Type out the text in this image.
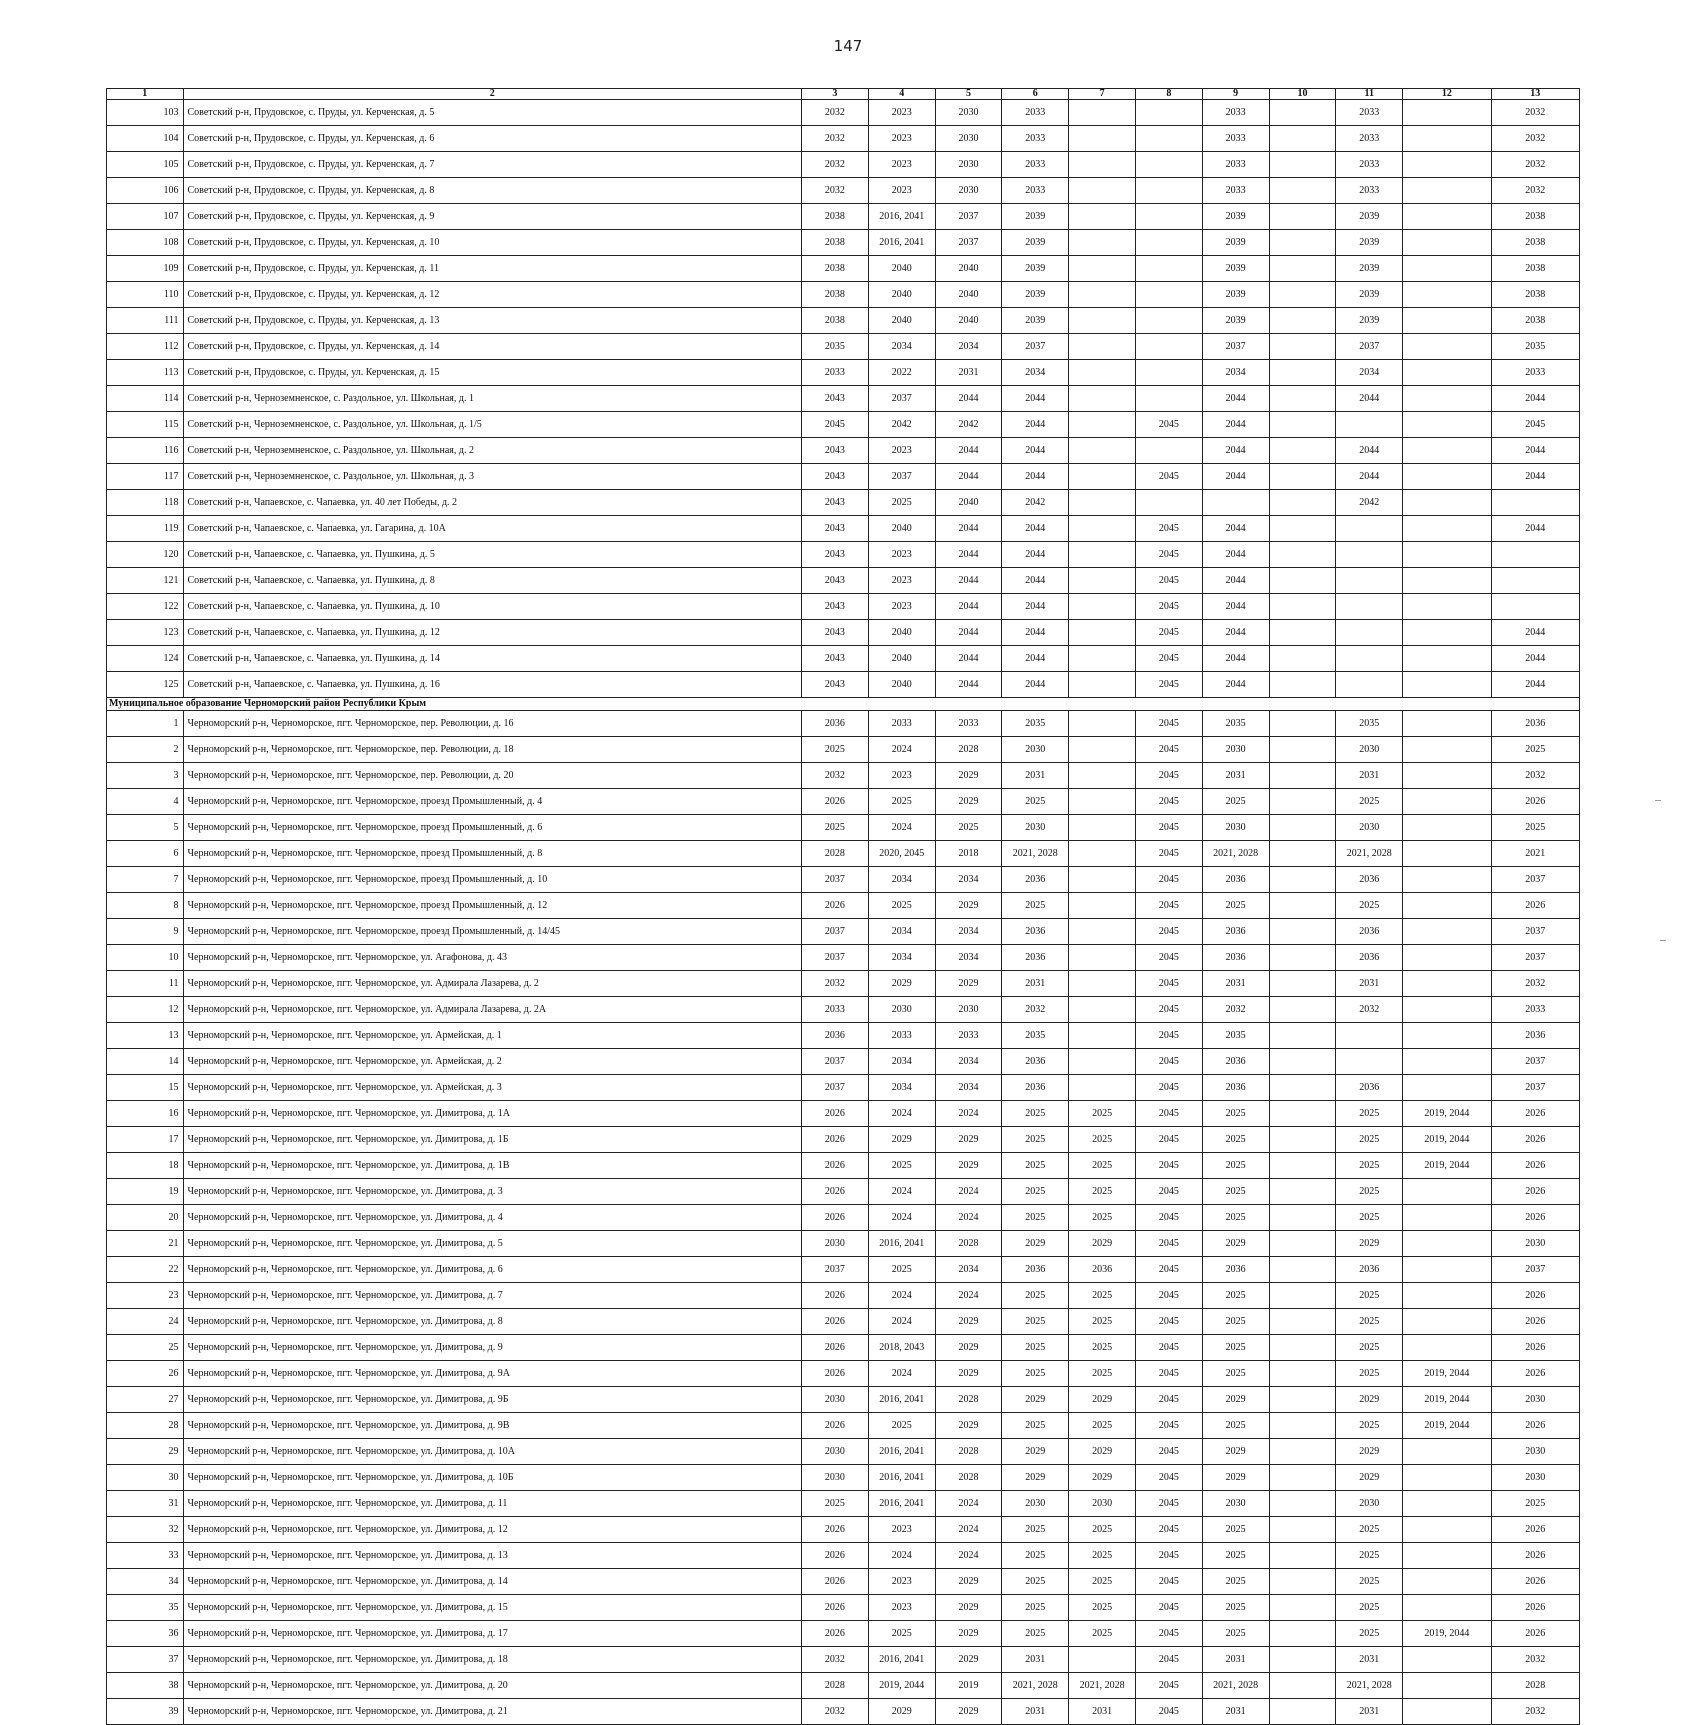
147
1	2	3	4	5	6	7	8	9	10	11	12	13
103	Советский р-н, Прудовское, с. Пруды, ул. Керченская, д. 5	2032	2023	2030	2033			2033		2033		2032
104	Советский р-н, Прудовское, с. Пруды, ул. Керченская, д. 6	2032	2023	2030	2033			2033		2033		2032
105	Советский р-н, Прудовское, с. Пруды, ул. Керченская, д. 7	2032	2023	2030	2033			2033		2033		2032
106	Советский р-н, Прудовское, с. Пруды, ул. Керченская, д. 8	2032	2023	2030	2033			2033		2033		2032
107	Советский р-н, Прудовское, с. Пруды, ул. Керченская, д. 9	2038	2016, 2041	2037	2039			2039		2039		2038
108	Советский р-н, Прудовское, с. Пруды, ул. Керченская, д. 10	2038	2016, 2041	2037	2039			2039		2039		2038
109	Советский р-н, Прудовское, с. Пруды, ул. Керченская, д. 11	2038	2040	2040	2039			2039		2039		2038
110	Советский р-н, Прудовское, с. Пруды, ул. Керченская, д. 12	2038	2040	2040	2039			2039		2039		2038
111	Советский р-н, Прудовское, с. Пруды, ул. Керченская, д. 13	2038	2040	2040	2039			2039		2039		2038
112	Советский р-н, Прудовское, с. Пруды, ул. Керченская, д. 14	2035	2034	2034	2037			2037		2037		2035
113	Советский р-н, Прудовское, с. Пруды, ул. Керченская, д. 15	2033	2022	2031	2034			2034		2034		2033
114	Советский р-н, Черноземненское, с. Раздольное, ул. Школьная, д. 1	2043	2037	2044	2044			2044		2044		2044
115	Советский р-н, Черноземненское, с. Раздольное, ул. Школьная, д. 1/5	2045	2042	2042	2044		2045	2044				2045
116	Советский р-н, Черноземненское, с. Раздольное, ул. Школьная, д. 2	2043	2023	2044	2044			2044		2044		2044
117	Советский р-н, Черноземненское, с. Раздольное, ул. Школьная, д. 3	2043	2037	2044	2044		2045	2044		2044		2044
118	Советский р-н, Чапаевское, с. Чапаевка, ул. 40 лет Победы, д. 2	2043	2025	2040	2042					2042		
119	Советский р-н, Чапаевское, с. Чапаевка, ул. Гагарина, д. 10А	2043	2040	2044	2044		2045	2044				2044
120	Советский р-н, Чапаевское, с. Чапаевка, ул. Пушкина, д. 5	2043	2023	2044	2044		2045	2044				
121	Советский р-н, Чапаевское, с. Чапаевка, ул. Пушкина, д. 8	2043	2023	2044	2044		2045	2044				
122	Советский р-н, Чапаевское, с. Чапаевка, ул. Пушкина, д. 10	2043	2023	2044	2044		2045	2044				
123	Советский р-н, Чапаевское, с. Чапаевка, ул. Пушкина, д. 12	2043	2040	2044	2044		2045	2044				2044
124	Советский р-н, Чапаевское, с. Чапаевка, ул. Пушкина, д. 14	2043	2040	2044	2044		2045	2044				2044
125	Советский р-н, Чапаевское, с. Чапаевка, ул. Пушкина, д. 16	2043	2040	2044	2044		2045	2044				2044
Муниципальное образование Черноморский район Республики Крым												
1	Черноморский р-н, Черноморское, пгт. Черноморское, пер. Революции, д. 16	2036	2033	2033	2035		2045	2035		2035		2036
2	Черноморский р-н, Черноморское, пгт. Черноморское, пер. Революции, д. 18	2025	2024	2028	2030		2045	2030		2030		2025
3	Черноморский р-н, Черноморское, пгт. Черноморское, пер. Революции, д. 20	2032	2023	2029	2031		2045	2031		2031		2032
4	Черноморский р-н, Черноморское, пгт. Черноморское, проезд Промышленный, д. 4	2026	2025	2029	2025		2045	2025		2025		2026
5	Черноморский р-н, Черноморское, пгт. Черноморское, проезд Промышленный, д. 6	2025	2024	2025	2030		2045	2030		2030		2025
6	Черноморский р-н, Черноморское, пгт. Черноморское, проезд Промышленный, д. 8	2028	2020, 2045	2018	2021, 2028		2045	2021, 2028		2021, 2028		2021
7	Черноморский р-н, Черноморское, пгт. Черноморское, проезд Промышленный, д. 10	2037	2034	2034	2036		2045	2036		2036		2037
8	Черноморский р-н, Черноморское, пгт. Черноморское, проезд Промышленный, д. 12	2026	2025	2029	2025		2045	2025		2025		2026
9	Черноморский р-н, Черноморское, пгт. Черноморское, проезд Промышленный, д. 14/45	2037	2034	2034	2036		2045	2036		2036		2037
10	Черноморский р-н, Черноморское, пгт. Черноморское, ул. Агафонова, д. 43	2037	2034	2034	2036		2045	2036		2036		2037
11	Черноморский р-н, Черноморское, пгт. Черноморское, ул. Адмирала Лазарева, д. 2	2032	2029	2029	2031		2045	2031		2031		2032
12	Черноморский р-н, Черноморское, пгт. Черноморское, ул. Адмирала Лазарева, д. 2А	2033	2030	2030	2032		2045	2032		2032		2033
13	Черноморский р-н, Черноморское, пгт. Черноморское, ул. Армейская, д. 1	2036	2033	2033	2035		2045	2035				2036
14	Черноморский р-н, Черноморское, пгт. Черноморское, ул. Армейская, д. 2	2037	2034	2034	2036		2045	2036				2037
15	Черноморский р-н, Черноморское, пгт. Черноморское, ул. Армейская, д. 3	2037	2034	2034	2036		2045	2036		2036		2037
16	Черноморский р-н, Черноморское, пгт. Черноморское, ул. Димитрова, д. 1А	2026	2024	2024	2025	2025	2045	2025		2025	2019, 2044	2026
17	Черноморский р-н, Черноморское, пгт. Черноморское, ул. Димитрова, д. 1Б	2026	2029	2029	2025	2025	2045	2025		2025	2019, 2044	2026
18	Черноморский р-н, Черноморское, пгт. Черноморское, ул. Димитрова, д. 1В	2026	2025	2029	2025	2025	2045	2025		2025	2019, 2044	2026
19	Черноморский р-н, Черноморское, пгт. Черноморское, ул. Димитрова, д. 3	2026	2024	2024	2025	2025	2045	2025		2025		2026
20	Черноморский р-н, Черноморское, пгт. Черноморское, ул. Димитрова, д. 4	2026	2024	2024	2025	2025	2045	2025		2025		2026
21	Черноморский р-н, Черноморское, пгт. Черноморское, ул. Димитрова, д. 5	2030	2016, 2041	2028	2029	2029	2045	2029		2029		2030
22	Черноморский р-н, Черноморское, пгт. Черноморское, ул. Димитрова, д. 6	2037	2025	2034	2036	2036	2045	2036		2036		2037
23	Черноморский р-н, Черноморское, пгт. Черноморское, ул. Димитрова, д. 7	2026	2024	2024	2025	2025	2045	2025		2025		2026
24	Черноморский р-н, Черноморское, пгт. Черноморское, ул. Димитрова, д. 8	2026	2024	2029	2025	2025	2045	2025		2025		2026
25	Черноморский р-н, Черноморское, пгт. Черноморское, ул. Димитрова, д. 9	2026	2018, 2043	2029	2025	2025	2045	2025		2025		2026
26	Черноморский р-н, Черноморское, пгт. Черноморское, ул. Димитрова, д. 9А	2026	2024	2029	2025	2025	2045	2025		2025	2019, 2044	2026
27	Черноморский р-н, Черноморское, пгт. Черноморское, ул. Димитрова, д. 9Б	2030	2016, 2041	2028	2029	2029	2045	2029		2029	2019, 2044	2030
28	Черноморский р-н, Черноморское, пгт. Черноморское, ул. Димитрова, д. 9В	2026	2025	2029	2025	2025	2045	2025		2025	2019, 2044	2026
29	Черноморский р-н, Черноморское, пгт. Черноморское, ул. Димитрова, д. 10А	2030	2016, 2041	2028	2029	2029	2045	2029		2029		2030
30	Черноморский р-н, Черноморское, пгт. Черноморское, ул. Димитрова, д. 10Б	2030	2016, 2041	2028	2029	2029	2045	2029		2029		2030
31	Черноморский р-н, Черноморское, пгт. Черноморское, ул. Димитрова, д. 11	2025	2016, 2041	2024	2030	2030	2045	2030		2030		2025
32	Черноморский р-н, Черноморское, пгт. Черноморское, ул. Димитрова, д. 12	2026	2023	2024	2025	2025	2045	2025		2025		2026
33	Черноморский р-н, Черноморское, пгт. Черноморское, ул. Димитрова, д. 13	2026	2024	2024	2025	2025	2045	2025		2025		2026
34	Черноморский р-н, Черноморское, пгт. Черноморское, ул. Димитрова, д. 14	2026	2023	2029	2025	2025	2045	2025		2025		2026
35	Черноморский р-н, Черноморское, пгт. Черноморское, ул. Димитрова, д. 15	2026	2023	2029	2025	2025	2045	2025		2025		2026
36	Черноморский р-н, Черноморское, пгт. Черноморское, ул. Димитрова, д. 17	2026	2025	2029	2025	2025	2045	2025		2025	2019, 2044	2026
37	Черноморский р-н, Черноморское, пгт. Черноморское, ул. Димитрова, д. 18	2032	2016, 2041	2029	2031		2045	2031		2031		2032
38	Черноморский р-н, Черноморское, пгт. Черноморское, ул. Димитрова, д. 20	2028	2019, 2044	2019	2021, 2028	2021, 2028	2045	2021, 2028		2021, 2028		2028
39	Черноморский р-н, Черноморское, пгт. Черноморское, ул. Димитрова, д. 21	2032	2029	2029	2031	2031	2045	2031		2031		2032
